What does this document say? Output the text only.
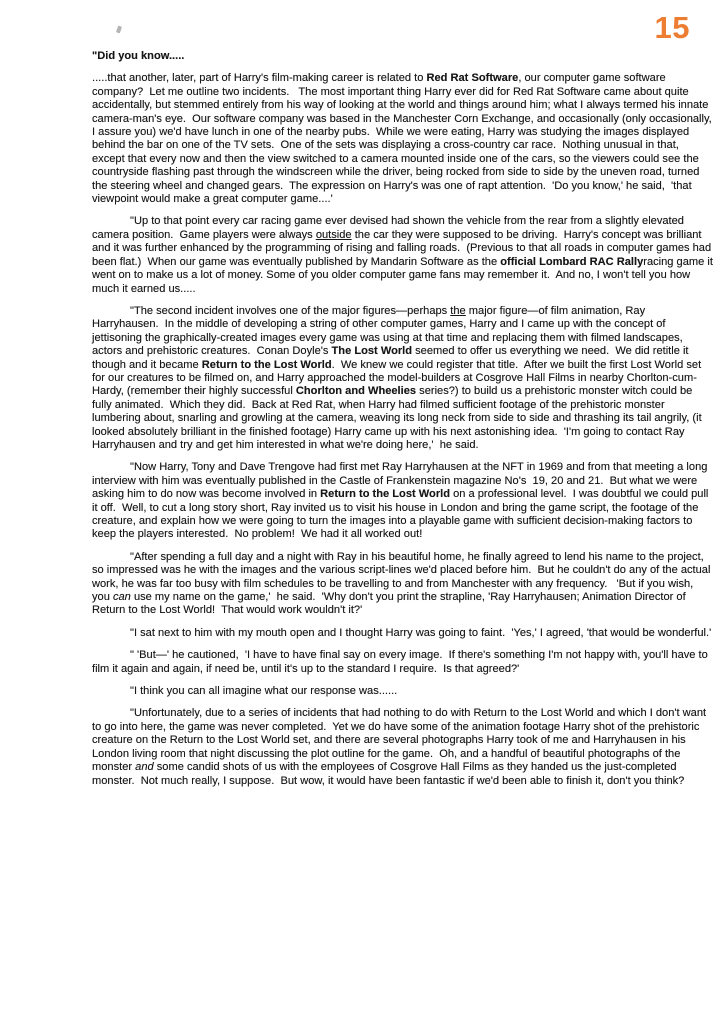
15

"Did you know.....

.....that another, later, part of Harry's film-making career is related to Red Rat Software, our computer game software company?  Let me outline two incidents.   The most important thing Harry ever did for Red Rat Software came about quite accidentally, but stemmed entirely from his way of looking at the world and things around him; what I always termed his innate camera-man's eye.  Our software company was based in the Manchester Corn Exchange, and occasionally (only occasionally, I assure you) we'd have lunch in one of the nearby pubs.  While we were eating, Harry was studying the images displayed behind the bar on one of the TV sets.  One of the sets was displaying a cross-country car race.  Nothing unusual in that, except that every now and then the view switched to a camera mounted inside one of the cars, so the viewers could see the countryside flashing past through the windscreen while the driver, being rocked from side to side by the uneven road, turned the steering wheel and changed gears.  The expression on Harry's was one of rapt attention.  'Do you know,' he said,  'that viewpoint would make a great computer game....'

"Up to that point every car racing game ever devised had shown the vehicle from the rear from a slightly elevated camera position.  Game players were always outside the car they were supposed to be driving.  Harry's concept was brilliant and it was further enhanced by the programming of rising and falling roads.  (Previous to that all roads in computer games had been flat.)  When our game was eventually published by Mandarin Software as the official Lombard RAC Rallyracing game it went on to make us a lot of money. Some of you older computer game fans may remember it.  And no, I won't tell you how much it earned us.....

"The second incident involves one of the major figures—perhaps the major figure—of film animation, Ray Harryhausen.  In the middle of developing a string of other computer games, Harry and I came up with the concept of jettisoning the graphically-created images every game was using at that time and replacing them with filmed landscapes, actors and prehistoric creatures.  Conan Doyle's The Lost World seemed to offer us everything we need.  We did retitle it though and it became Return to the Lost World.  We knew we could register that title.  After we built the first Lost World set for our creatures to be filmed on, and Harry approached the model-builders at Cosgrove Hall Films in nearby Chorlton-cum-Hardy, (remember their highly successful Chorlton and Wheelies series?) to build us a prehistoric monster witch could be fully animated.  Which they did.  Back at Red Rat, when Harry had filmed sufficient footage of the prehistoric monster lumbering about, snarling and growling at the camera, weaving its long neck from side to side and thrashing its tail angrily, (it looked absolutely brilliant in the finished footage) Harry came up with his next astonishing idea.  'I'm going to contact Ray Harryhausen and try and get him interested in what we're doing here,'  he said.

"Now Harry, Tony and Dave Trengove had first met Ray Harryhausen at the NFT in 1969 and from that meeting a long interview with him was eventually published in the Castle of Frankenstein magazine No's  19, 20 and 21.  But what we were asking him to do now was become involved in Return to the Lost World on a professional level.  I was doubtful we could pull it off.  Well, to cut a long story short, Ray invited us to visit his house in London and bring the game script, the footage of the creature, and explain how we were going to turn the images into a playable game with sufficient decision-making factors to keep the players interested.  No problem!  We had it all worked out!

"After spending a full day and a night with Ray in his beautiful home, he finally agreed to lend his name to the project, so impressed was he with the images and the various script-lines we'd placed before him.  But he couldn't do any of the actual work, he was far too busy with film schedules to be travelling to and from Manchester with any frequency.   'But if you wish, you can use my name on the game,'  he said.  'Why don't you print the strapline, 'Ray Harryhausen; Animation Director of Return to the Lost World!  That would work wouldn't it?'

"I sat next to him with my mouth open and I thought Harry was going to faint.  'Yes,' I agreed, 'that would be wonderful.'

" 'But—' he cautioned,  'I have to have final say on every image.  If there's something I'm not happy with, you'll have to film it again and again, if need be, until it's up to the standard I require.  Is that agreed?'

"I think you can all imagine what our response was......

"Unfortunately, due to a series of incidents that had nothing to do with Return to the Lost World and which I don't want to go into here, the game was never completed.  Yet we do have some of the animation footage Harry shot of the prehistoric creature on the Return to the Lost World set, and there are several photographs Harry took of me and Harryhausen in his London living room that night discussing the plot outline for the game.  Oh, and a handful of beautiful photographs of the monster and some candid shots of us with the employees of Cosgrove Hall Films as they handed us the just-completed monster.  Not much really, I suppose.  But wow, it would have been fantastic if we'd been able to finish it, don't you think?
